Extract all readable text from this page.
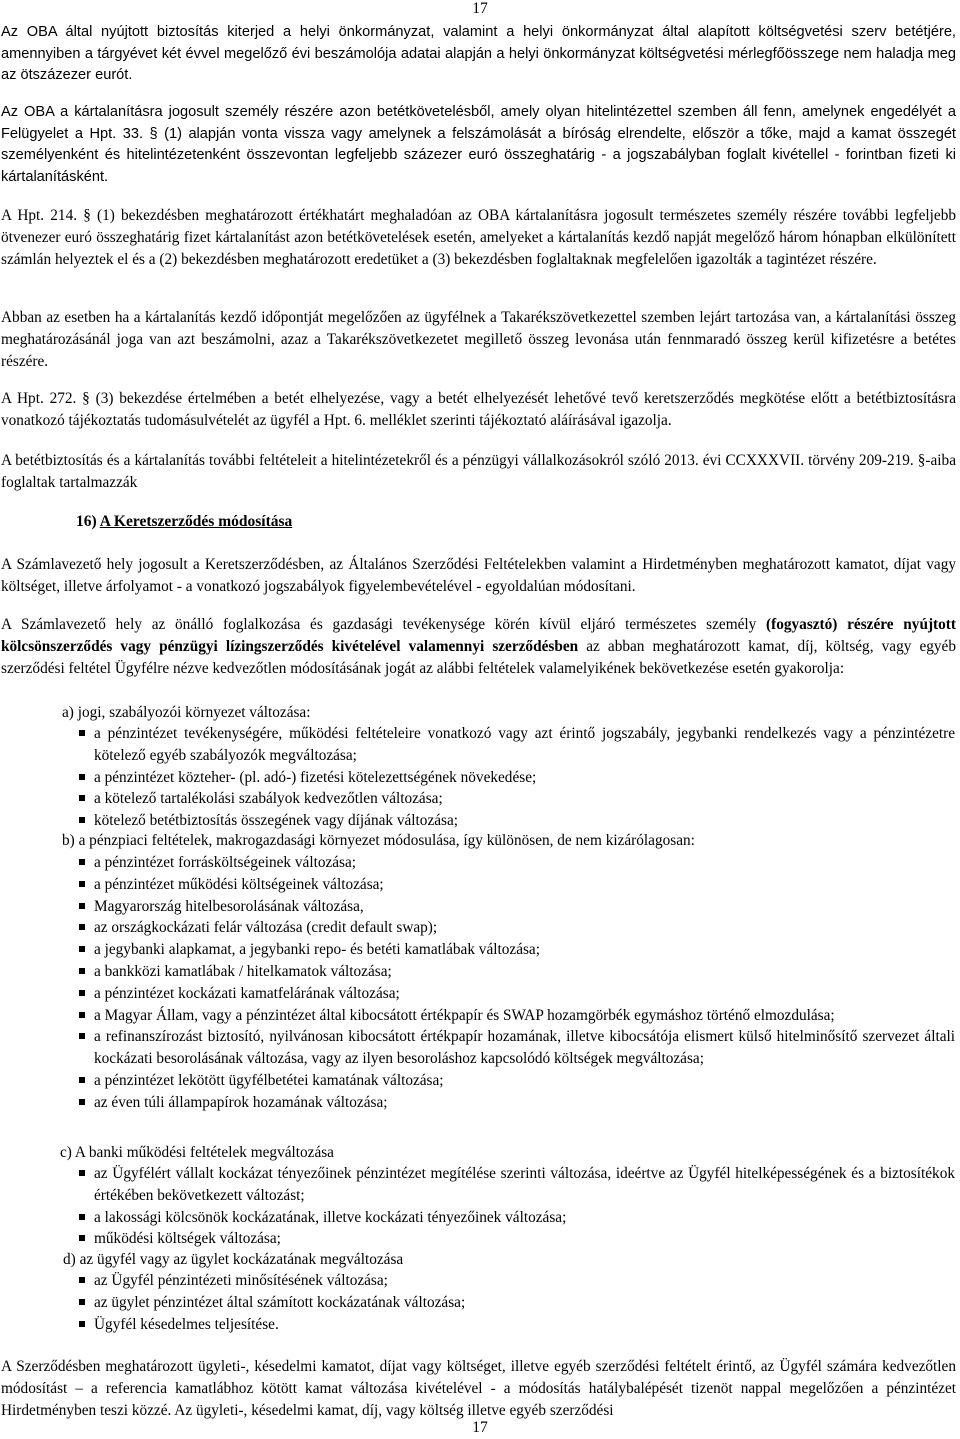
17

Az OBA által nyújtott biztosítás kiterjed a helyi önkormányzat, valamint a helyi önkormányzat által alapított költségvetési szerv betétjére, amennyiben a tárgyévet két évvel megelőző évi beszámolója adatai alapján a helyi önkormányzat költségvetési mérlegfőösszege nem haladja meg az ötszázezer eurót.

Az OBA a kártalanításra jogosult személy részére azon betétkövetelésből, amely olyan hitelintézettel szemben áll fenn, amelynek engedélyét a Felügyelet a Hpt. 33. § (1) alapján vonta vissza vagy amelynek a felszámolását a bíróság elrendelte, először a tőke, majd a kamat összegét személyenként és hitelintézetenként összevontan legfeljebb százezer euró összeghatárig - a jogszabályban foglalt kivétellel - forintban fizeti ki kártalanításként.

A Hpt. 214. § (1) bekezdésben meghatározott értékhatárt meghaladóan az OBA kártalanításra jogosult természetes személy részére további legfeljebb ötvenezer euró összeghatárig fizet kártalanítást azon betétkövetelések esetén, amelyeket a kártalanítás kezdő napját megelőző három hónapban elkülönített számlán helyeztek el és a (2) bekezdésben meghatározott eredetüket a (3) bekezdésben foglaltaknak megfelelően igazolták a tagintézet részére.

Abban az esetben ha a kártalanítás kezdő időpontját megelőzően az ügyfélnek a Takarékszövetkezettel szemben lejárt tartozása van, a kártalanítási összeg meghatározásánál joga van azt beszámolni, azaz a Takarékszövetkezetet megillető összeg levonása után fennmaradó összeg kerül kifizetésre a betétes részére.

A Hpt. 272. § (3) bekezdése értelmében a betét elhelyezése, vagy a betét elhelyezését lehetővé tevő keretszerződés megkötése előtt a betétbiztosításra vonatkozó tájékoztatás tudomásulvételét az ügyfél a Hpt. 6. melléklet szerinti tájékoztató aláírásával igazolja.

A betétbiztosítás és a kártalanítás további feltételeit a hitelintézetekről és a pénzügyi vállalkozásokról szóló 2013. évi CCXXXVII. törvény 209-219. §-aiba foglaltak tartalmazzák

16) A Keretszerződés módosítása

A Számlavezető hely jogosult a Keretszerződésben, az Általános Szerződési Feltételekben valamint a Hirdetményben meghatározott kamatot, díjat vagy költséget, illetve árfolyamot - a vonatkozó jogszabályok figyelembevételével - egyoldalúan módosítani.

A Számlavezető hely az önálló foglalkozása és gazdasági tevékenysége körén kívül eljáró természetes személy (fogyasztó) részére nyújtott kölcsönszerződés vagy pénzügyi lízingszerződés kivételével valamennyi szerződésben az abban meghatározott kamat, díj, költség, vagy egyéb szerződési feltétel Ügyfélre nézve kedvezőtlen módosításának jogát az alábbi feltételek valamelyikének bekövetkezése esetén gyakorolja:

a) jogi, szabályozói környezet változása:

a pénzintézet tevékenységére, működési feltételeire vonatkozó vagy azt érintő jogszabály, jegybanki rendelkezés vagy a pénzintézetre kötelező egyéb szabályozók megváltozása;
a pénzintézet közteher- (pl. adó-) fizetési kötelezettségének növekedése;
a kötelező tartalékolási szabályok kedvezőtlen változása;
kötelező betétbiztosítás összegének vagy díjának változása;

b) a pénzpiaci feltételek, makrogazdasági környezet módosulása, így különösen, de nem kizárólagosan:

a pénzintézet forrásköltségeinek változása;
a pénzintézet működési költségeinek változása;
Magyarország hitelbesorolásának változása,
az országkockázati felár változása (credit default swap);
a jegybanki alapkamat, a jegybanki repo- és betéti kamatlábak változása;
a bankközi kamatlábak / hitelkamatok változása;
a pénzintézet kockázati kamatfelárának változása;
a Magyar Állam, vagy a pénzintézet által kibocsátott értékpapír és SWAP hozamgörbék egymáshoz történő elmozdulása;
a refinanszírozást biztosító, nyilvánosan kibocsátott értékpapír hozamának, illetve kibocsátója elismert külső hitelminősítő szervezet általi kockázati besorolásának változása, vagy az ilyen besoroláshoz kapcsolódó költségek megváltozása;
a pénzintézet lekötött ügyfélbetétei kamatának változása;
az éven túli állampapírok hozamának változása;

c) A banki működési feltételek megváltozása

az Ügyfélért vállalt kockázat tényezőinek pénzintézet megítélése szerinti változása, ideértve az Ügyfél hitelképességének és a biztosítékok értékében bekövetkezett változást;
a lakossági kölcsönök kockázatának, illetve kockázati tényezőinek változása;
működési költségek változása;

d) az ügyfél vagy az ügylet kockázatának megváltozása

az Ügyfél pénzintézeti minősítésének változása;
az ügylet pénzintézet által számított kockázatának változása;
Ügyfél késedelmes teljesítése.

A Szerződésben meghatározott ügyleti-, késedelmi kamatot, díjat vagy költséget, illetve egyéb szerződési feltételt érintő, az Ügyfél számára kedvezőtlen módosítást – a referencia kamatlábhoz kötött kamat változása kivételével - a módosítás hatálybalépését tizenöt nappal megelőzően a pénzintézet Hirdetményben teszi közzé. Az ügyleti-, késedelmi kamat, díj, vagy költség illetve egyéb szerződési

17
